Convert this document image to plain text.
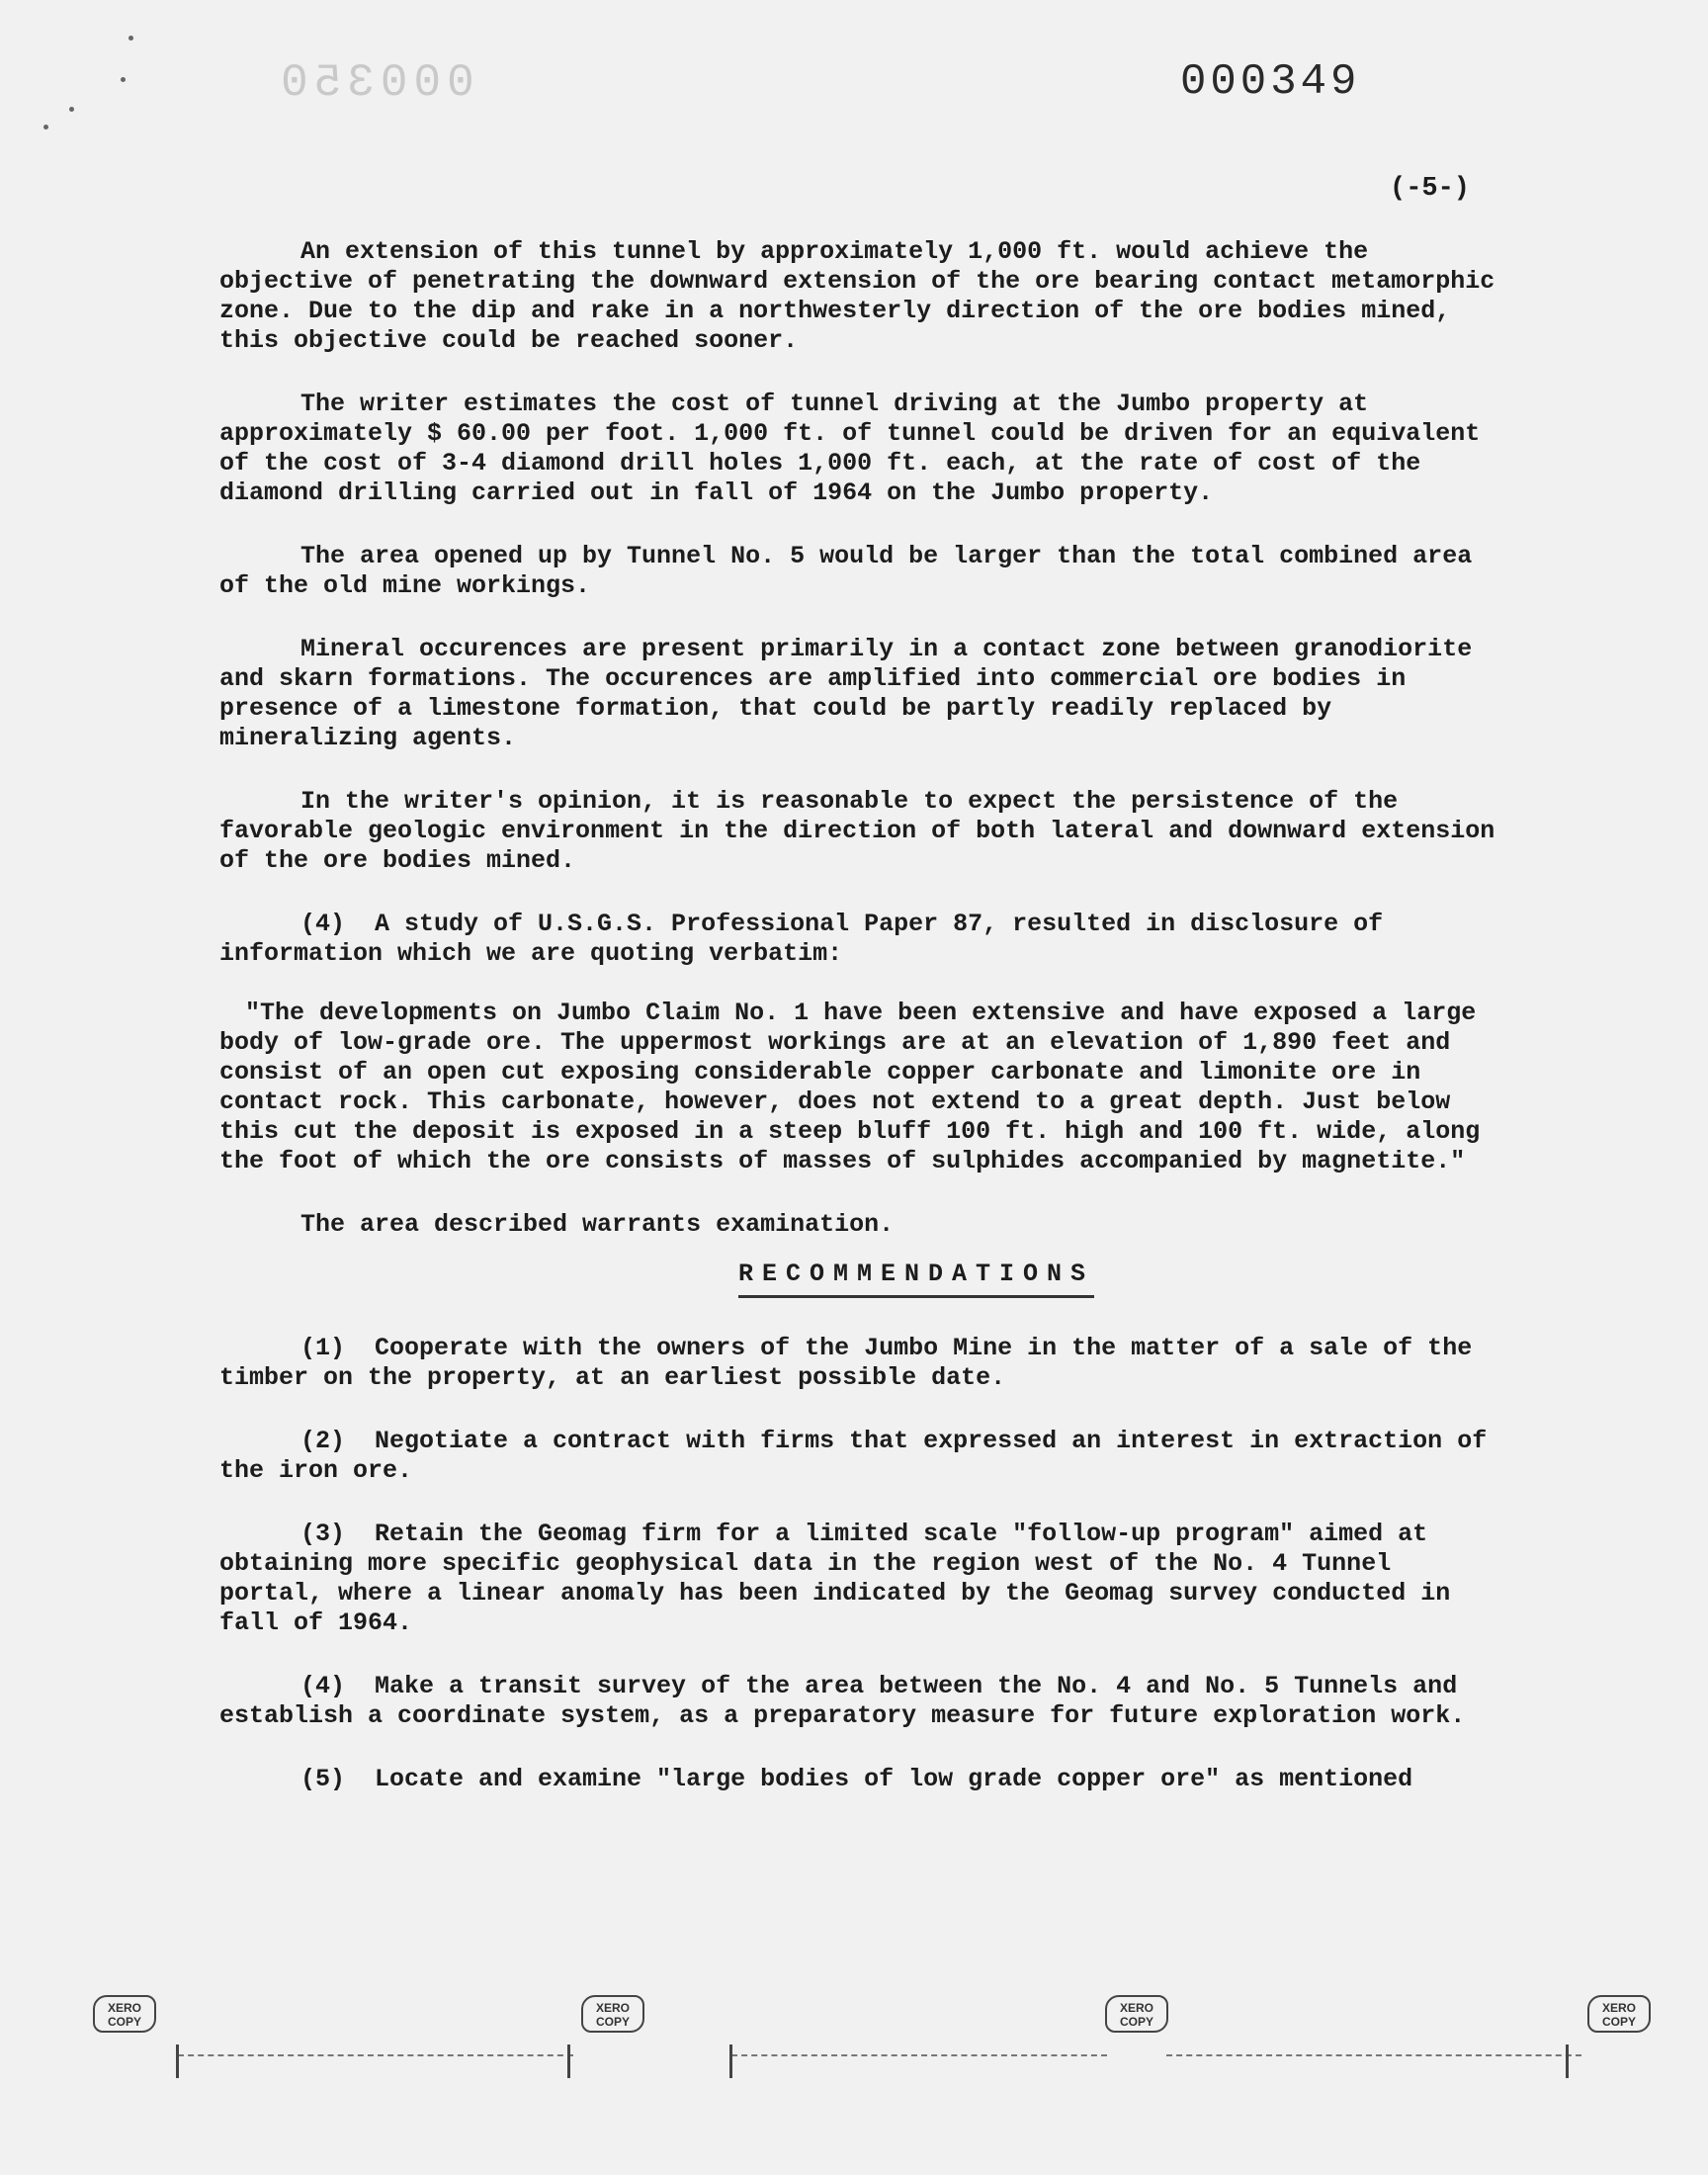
000350	000349
(-5-)

An extension of this tunnel by approximately 1,000 ft. would achieve the objective of penetrating the downward extension of the ore bearing contact metamorphic zone. Due to the dip and rake in a northwesterly direction of the ore bodies mined, this objective could be reached sooner.

The writer estimates the cost of tunnel driving at the Jumbo property at approximately $ 60.00 per foot. 1,000 ft. of tunnel could be driven for an equivalent of the cost of 3-4 diamond drill holes 1,000 ft. each, at the rate of cost of the diamond drilling carried out in fall of 1964 on the Jumbo property.

The area opened up by Tunnel No. 5 would be larger than the total combined area of the old mine workings.

Mineral occurences are present primarily in a contact zone between granodiorite and skarn formations. The occurences are amplified into commercial ore bodies in presence of a limestone formation, that could be partly readily replaced by mineralizing agents.

In the writer's opinion, it is reasonable to expect the persistence of the favorable geologic environment in the direction of both lateral and downward extension of the ore bodies mined.

(4)  A study of U.S.G.S. Professional Paper 87, resulted in disclosure of information which we are quoting verbatim:

"The developments on Jumbo Claim No. 1 have been extensive and have exposed a large body of low-grade ore. The uppermost workings are at an elevation of 1,890 feet and consist of an open cut exposing considerable copper carbonate and limonite ore in contact rock. This carbonate, however, does not extend to a great depth. Just below this cut the deposit is exposed in a steep bluff 100 ft. high and 100 ft. wide, along the foot of which the ore consists of masses of sulphides accompanied by magnetite."

The area described warrants examination.

RECOMMENDATIONS

(1)  Cooperate with the owners of the Jumbo Mine in the matter of a sale of the timber on the property, at an earliest possible date.

(2)  Negotiate a contract with firms that expressed an interest in extraction of the iron ore.

(3)  Retain the Geomag firm for a limited scale "follow-up program" aimed at obtaining more specific geophysical data in the region west of the No. 4 Tunnel portal, where a linear anomaly has been indicated by the Geomag survey conducted in fall of 1964.

(4)  Make a transit survey of the area between the No. 4 and No. 5 Tunnels and establish a coordinate system, as a preparatory measure for future exploration work.

(5)  Locate and examine "large bodies of low grade copper ore" as mentioned

XERO
COPY
XERO
COPY
XERO
COPY
XERO
COPY
